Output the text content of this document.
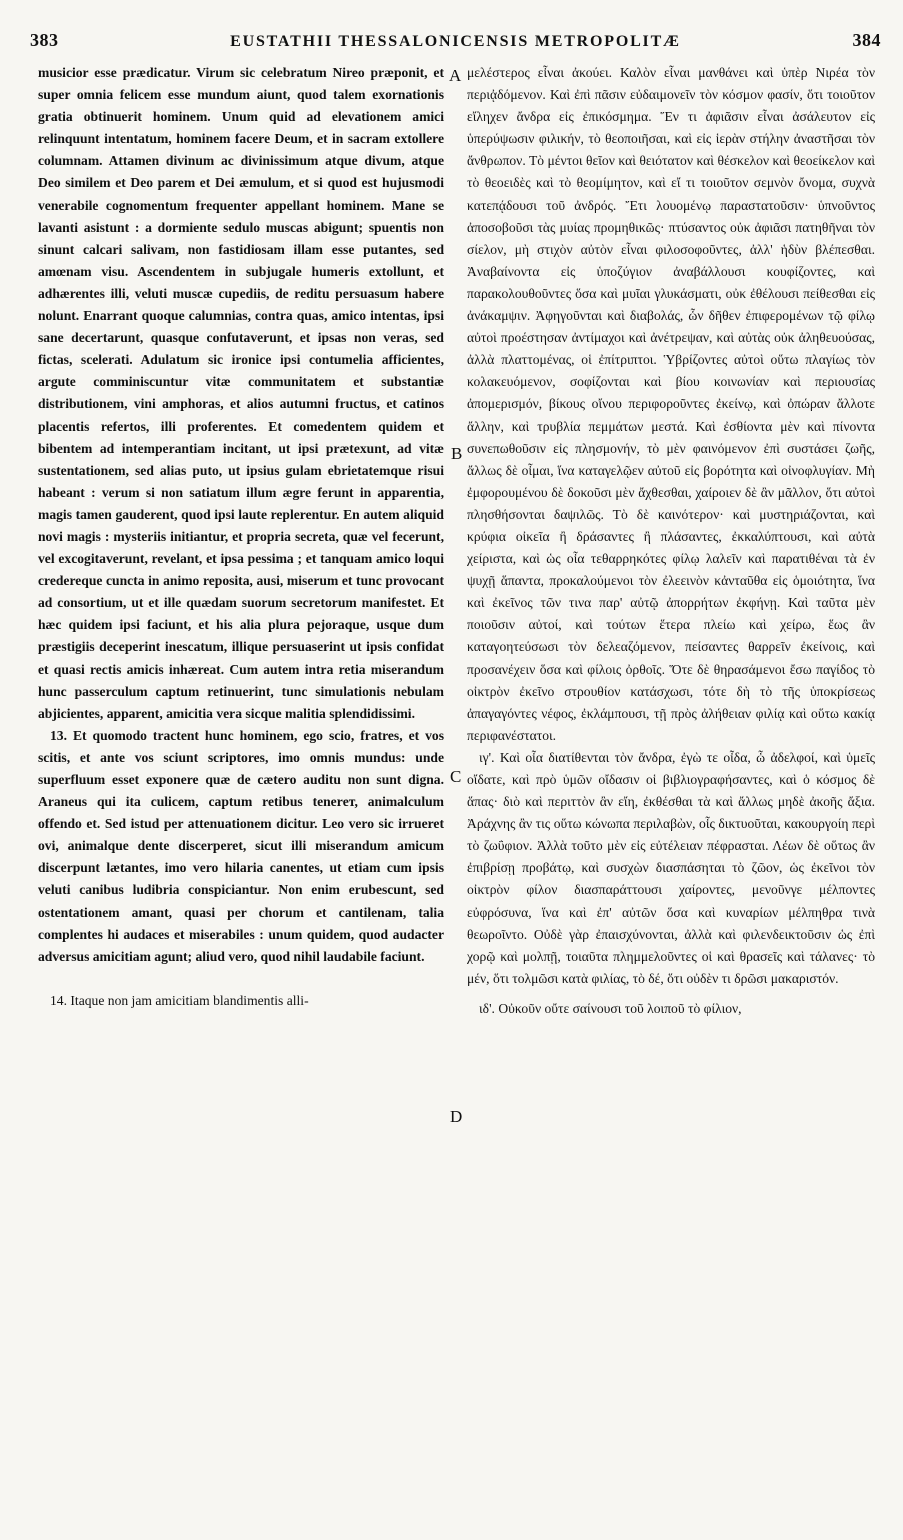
383	EUSTATHII THESSALONICENSIS METROPOLITÆ	384
A
B
C
D

musicior esse prædicatur. Virum sic celebratum Nireo præponit, et super omnia felicem esse mundum aiunt, quod talem exornationis gratia obtinuerit hominem. Unum quid ad elevationem amici relinquunt intentatum, hominem facere Deum, et in sacram extollere columnam. Attamen divinum ac divinissimum atque divum, atque Deo similem et Deo parem et Dei æmulum, et si quod est hujusmodi venerabile cognomentum frequenter appellant hominem. Mane se lavanti asistunt : a dormiente sedulo muscas abigunt; spuentis non sinunt calcari salivam, non fastidiosam illam esse putantes, sed amœnam visu. Ascendentem in subjugale humeris extollunt, et adhærentes illi, veluti muscæ cupediis, de reditu persuasum habere nolunt. Enarrant quoque calumnias, contra quas, amico intentas, ipsi sane decertarunt, quasque confutaverunt, et ipsas non veras, sed fictas, scelerati. Adulatum sic ironice ipsi contumelia afficientes, argute comminiscuntur vitæ communitatem et substantiæ distributionem, vini amphoras, et alios autumni fructus, et catinos placentis refertos, illi proferentes. Et comedentem quidem et bibentem ad intemperantiam incitant, ut ipsi prætexunt, ad vitæ sustentationem, sed alias puto, ut ipsius gulam ebrietatemque risui habeant : verum si non satiatum illum ægre ferunt in apparentia, magis tamen gauderent, quod ipsi laute replerentur. En autem aliquid novi magis : mysteriis initiantur, et propria secreta, quæ vel fecerunt, vel excogitaverunt, revelant, et ipsa pessima ; et tanquam amico loqui credereque cuncta in animo reposita, ausi, miserum et tunc provocant ad consortium, ut et ille quædam suorum secretorum manifestet. Et hæc quidem ipsi faciunt, et his alia plura pejoraque, usque dum præstigiis deceperint inescatum, illique persuaserint ut ipsis confidat et quasi rectis amicis inhæreat. Cum autem intra retia miserandum hunc passerculum captum retinuerint, tunc simulationis nebulam abjicientes, apparent, amicitia vera sicque malitia splendidissimi.

13. Et quomodo tractent hunc hominem, ego scio, fratres, et vos scitis, et ante vos sciunt scriptores, imo omnis mundus: unde superfluum esset exponere quæ de cætero auditu non sunt digna. Araneus qui ita culicem, captum retibus tenerет, animalculum offendo et. Sed istud per attenuationem dicitur. Leo vero sic irrueret ovi, animalque dente discerperet, sicut illi miserandum amicum discerpunt lætantes, imo vero hilaria canentes, ut etiam cum ipsis veluti canibus ludibria conspiciantur. Non enim erubescunt, sed ostentationem amant, quasi per chorum et cantilenam, talia complentes hi audaces et miserabiles : unum quidem, quod audacter adversus amicitiam agunt; aliud vero, quod nihil laudabile faciunt.

14. Itaque non jam amicitiam blandimentis alli-

μελέστερος εἶναι ἀκούει. Καλὸν εἶναι μανθάνει καὶ ὑπὲρ Νιρέα τὸν περιᾀδόμενον. Καὶ ἐπὶ πᾶσιν εὐδαιμονεῖν τὸν κόσμον φασίν, ὅτι τοιοῦτον εἴληχεν ἄνδρα εἰς ἐπικόσμημα. Ἕν τι ἀφιᾶσιν εἶναι ἀσάλευτον εἰς ὑπερύψωσιν φιλικήν, τὸ θεοποιῆσαι, καὶ εἰς ἱερὰν στήλην ἀναστῆσαι τὸν ἄνθρωπον. Τὸ μέντοι θεῖον καὶ θειότατον καὶ θέσκελον καὶ θεοείκελον καὶ τὸ θεοειδὲς καὶ τὸ θεομίμητον, καὶ εἴ τι τοιοῦτον σεμνὸν ὄνομα, συχνὰ κατεπᾴδουσι τοῦ ἀνδρός. Ἔτι λουομένῳ παραστατοῦσιν· ὑπνοῦντος ἀποσοβοῦσι τὰς μυίας προμηθικῶς· πτύσαντος οὐκ ἀφιᾶσι πατηθῆναι τὸν σίελον, μὴ στιχὸν αὐτὸν εἶναι φιλοσοφοῦντες, ἀλλ' ἡδὺν βλέπεσθαι. Ἀναβαίνοντα εἰς ὑποζύγιον ἀναβάλλουσι κουφίζοντες, καὶ παρακολουθοῦντες ὅσα καὶ μυῖαι γλυκάσματι, οὐκ ἐθέλουσι πείθεσθαι εἰς ἀνάκαμψιν. Ἀφηγοῦνται καὶ διαβολάς, ὧν δῆθεν ἐπιφερομένων τῷ φίλῳ αὐτοὶ προέστησαν ἀντίμαχοι καὶ ἀνέτρεψαν, καὶ αὐτὰς οὐκ ἀληθευούσας, ἀλλὰ πλαττομένας, οἱ ἐπίτριπτοι. Ὑβρίζοντες αὐτοὶ οὕτω πλαγίως τὸν κολακευόμενον, σοφίζονται καὶ βίου κοινωνίαν καὶ περιουσίας ἀπομερισμόν, βίκους οἴνου περιφοροῦντες ἐκείνῳ, καὶ ὀπώραν ἄλλοτε ἄλλην, καὶ τρυβλία πεμμάτων μεστά. Καὶ ἐσθίοντα μὲν καὶ πίνοντα συνεπωθοῦσιν εἰς πλησμονήν, τὸ μὲν φαινόμενον ἐπὶ συστάσει ζωῆς, ἄλλως δὲ οἶμαι, ἵνα καταγελῷεν αὐτοῦ εἰς βορότητα καὶ οἰνοφλυγίαν. Μὴ ἐμφορουμένου δὲ δοκοῦσι μὲν ἄχθεσθαι, χαίροιεν δὲ ἂν μᾶλλον, ὅτι αὐτοὶ πλησθήσονται δαψιλῶς. Τὸ δὲ καινότερον· καὶ μυστηριάζονται, καὶ κρύφια οἰκεῖα ἢ δράσαντες ἢ πλάσαντες, ἐκκαλύπτουσι, καὶ αὐτὰ χείριστα, καὶ ὡς οἷα τεθαρρηκότες φίλῳ λαλεῖν καὶ παρατιθέναι τὰ ἐν ψυχῇ ἅπαντα, προκαλούμενοι τὸν ἐλεεινὸν κἀνταῦθα εἰς ὁμοιότητα, ἵνα καὶ ἐκεῖνος τῶν τινα παρ' αὐτῷ ἀπορρήτων ἐκφήνῃ. Καὶ ταῦτα μὲν ποιοῦσιν αὐτοί, καὶ τούτων ἕτερα πλείω καὶ χείρω, ἕως ἂν καταγοητεύσωσι τὸν δελεαζόμενον, πείσαντες θαρρεῖν ἐκείνοις, καὶ προσανέχειν ὅσα καὶ φίλοις ὀρθοῖς. Ὅτε δὲ θηρασάμενοι ἔσω παγίδος τὸ οἰκτρὸν ἐκεῖνο στρουθίον κατάσχωσι, τότε δὴ τὸ τῆς ὑποκρίσεως ἀπαγαγόντες νέφος, ἐκλάμπουσι, τῇ πρὸς ἀλήθειαν φιλίᾳ καὶ οὕτω κακίᾳ περιφανέστατοι.

ιγ'. Καὶ οἷα διατίθενται τὸν ἄνδρα, ἐγὼ τε οἶδα, ὦ ἀδελφοί, καὶ ὑμεῖς οἴδατε, καὶ πρὸ ὑμῶν οἴδασιν οἱ βιβλιογραφήσαντες, καὶ ὁ κόσμος δὲ ἅπας· διὸ καὶ περιττὸν ἂν εἴη, ἐκθέσθαι τὰ καὶ ἄλλως μηδὲ ἀκοῆς ἄξια. Ἀράχνης ἂν τις οὕτω κώνωπα περιλαβὼν, οἷς δικτυοῦται, κακουργοίη περὶ τὸ ζωΰφιον. Ἀλλὰ τοῦτο μὲν εἰς εὐτέλειαν πέφρασται. Λέων δὲ οὕτως ἂν ἐπιβρίσῃ προβάτῳ, καὶ συσχὼν διασπάσηται τὸ ζῶον, ὡς ἐκεῖνοι τὸν οἰκτρὸν φίλον διασπαράττουσι χαίροντες, μενοῦνγε μέλποντες εὐφρόσυνα, ἵνα καὶ ἐπ' αὐτῶν ὅσα καὶ κυναρίων μέλπηθρα τινὰ θεωροῖντο. Οὐδὲ γὰρ ἐπαισχύνονται, ἀλλὰ καὶ φιλενδεικτοῦσιν ὡς ἐπὶ χορῷ καὶ μολπῇ, τοιαῦτα πλημμελοῦντες οἱ καὶ θρασεῖς καὶ τάλανες· τὸ μέν, ὅτι τολμῶσι κατὰ φιλίας, τὸ δέ, ὅτι οὐδὲν τι δρῶσι μακαριστόν.

ιδ'. Οὐκοῦν οὔτε σαίνουσι τοῦ λοιποῦ τὸ φίλιον,
